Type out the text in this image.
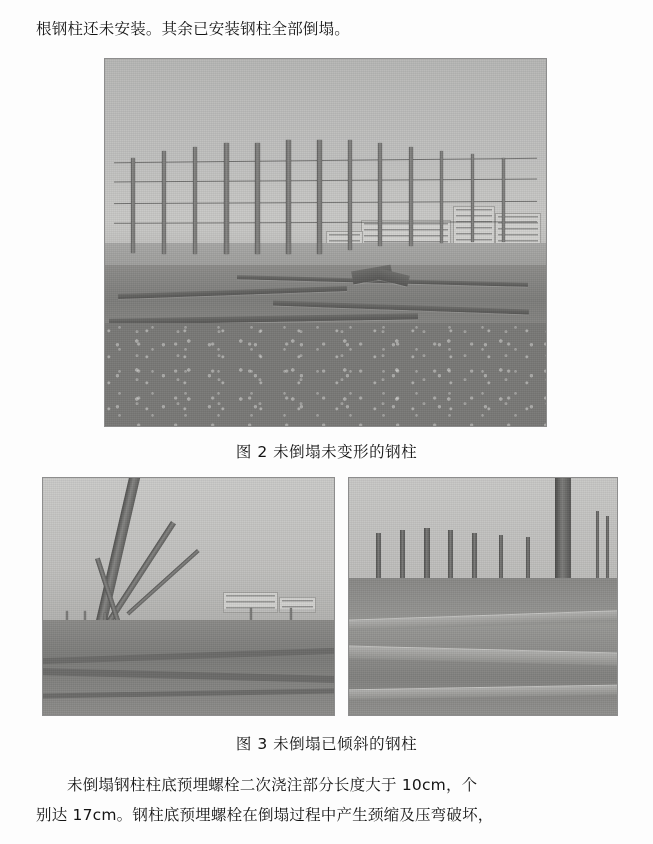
根钢柱还未安装。其余已安装钢柱全部倒塌。
图 2 未倒塌未变形的钢柱
图 3 未倒塌已倾斜的钢柱
未倒塌钢柱柱底预埋螺栓二次浇注部分长度大于 10cm，个
别达 17cm。钢柱底预埋螺栓在倒塌过程中产生颈缩及压弯破坏，
